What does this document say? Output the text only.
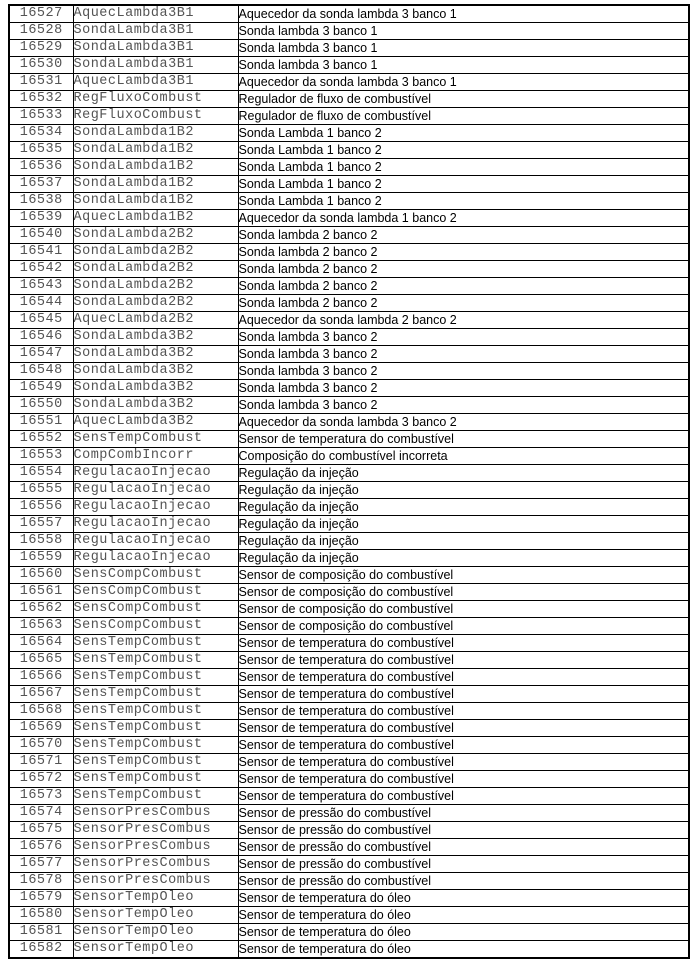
16527	AquecLambda3B1	Aquecedor da sonda lambda 3 banco 1
16528	SondaLambda3B1	Sonda lambda 3 banco 1
16529	SondaLambda3B1	Sonda lambda 3 banco 1
16530	SondaLambda3B1	Sonda lambda 3 banco 1
16531	AquecLambda3B1	Aquecedor da sonda lambda 3 banco 1
16532	RegFluxoCombust	Regulador de fluxo de combustível
16533	RegFluxoCombust	Regulador de fluxo de combustível
16534	SondaLambda1B2	Sonda Lambda 1 banco 2
16535	SondaLambda1B2	Sonda Lambda 1 banco 2
16536	SondaLambda1B2	Sonda Lambda 1 banco 2
16537	SondaLambda1B2	Sonda Lambda 1 banco 2
16538	SondaLambda1B2	Sonda Lambda 1 banco 2
16539	AquecLambda1B2	Aquecedor da sonda lambda 1 banco 2
16540	SondaLambda2B2	Sonda lambda 2 banco 2
16541	SondaLambda2B2	Sonda lambda 2 banco 2
16542	SondaLambda2B2	Sonda lambda 2 banco 2
16543	SondaLambda2B2	Sonda lambda 2 banco 2
16544	SondaLambda2B2	Sonda lambda 2 banco 2
16545	AquecLambda2B2	Aquecedor da sonda lambda 2 banco 2
16546	SondaLambda3B2	Sonda lambda 3 banco 2
16547	SondaLambda3B2	Sonda lambda 3 banco 2
16548	SondaLambda3B2	Sonda lambda 3 banco 2
16549	SondaLambda3B2	Sonda lambda 3 banco 2
16550	SondaLambda3B2	Sonda lambda 3 banco 2
16551	AquecLambda3B2	Aquecedor da sonda lambda 3 banco 2
16552	SensTempCombust	Sensor de temperatura do combustível
16553	CompCombIncorr	Composição do combustível incorreta
16554	RegulacaoInjecao	Regulação da injeção
16555	RegulacaoInjecao	Regulação da injeção
16556	RegulacaoInjecao	Regulação da injeção
16557	RegulacaoInjecao	Regulação da injeção
16558	RegulacaoInjecao	Regulação da injeção
16559	RegulacaoInjecao	Regulação da injeção
16560	SensCompCombust	Sensor de composição do combustível
16561	SensCompCombust	Sensor de composição do combustível
16562	SensCompCombust	Sensor de composição do combustível
16563	SensCompCombust	Sensor de composição do combustível
16564	SensTempCombust	Sensor de temperatura do combustível
16565	SensTempCombust	Sensor de temperatura do combustível
16566	SensTempCombust	Sensor de temperatura do combustível
16567	SensTempCombust	Sensor de temperatura do combustível
16568	SensTempCombust	Sensor de temperatura do combustível
16569	SensTempCombust	Sensor de temperatura do combustível
16570	SensTempCombust	Sensor de temperatura do combustível
16571	SensTempCombust	Sensor de temperatura do combustível
16572	SensTempCombust	Sensor de temperatura do combustível
16573	SensTempCombust	Sensor de temperatura do combustível
16574	SensorPresCombus	Sensor de pressão do combustível
16575	SensorPresCombus	Sensor de pressão do combustível
16576	SensorPresCombus	Sensor de pressão do combustível
16577	SensorPresCombus	Sensor de pressão do combustível
16578	SensorPresCombus	Sensor de pressão do combustível
16579	SensorTempOleo	Sensor de temperatura do óleo
16580	SensorTempOleo	Sensor de temperatura do óleo
16581	SensorTempOleo	Sensor de temperatura do óleo
16582	SensorTempOleo	Sensor de temperatura do óleo
